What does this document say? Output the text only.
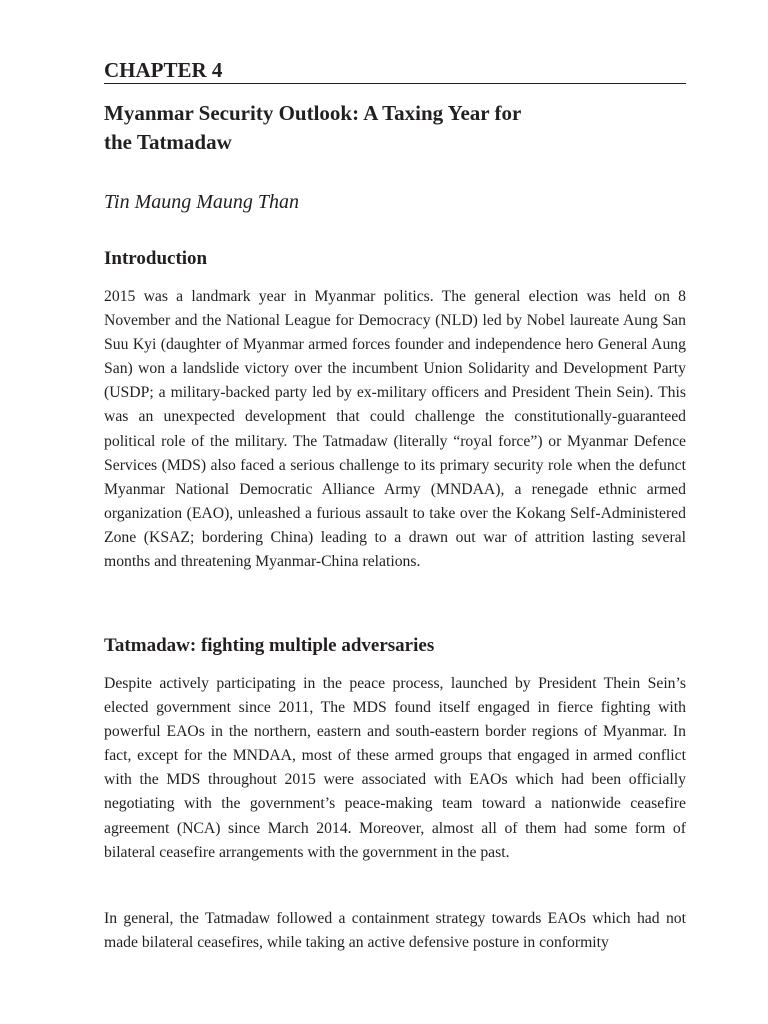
CHAPTER 4
Myanmar Security Outlook: A Taxing Year for
the Tatmadaw
Tin Maung Maung Than
Introduction
2015 was a landmark year in Myanmar politics. The general election was held on 8 November and the National League for Democracy (NLD) led by Nobel laureate Aung San Suu Kyi (daughter of Myanmar armed forces founder and independence hero General Aung San) won a landslide victory over the incumbent Union Solidarity and Development Party (USDP; a military-backed party led by ex-military officers and President Thein Sein). This was an unexpected development that could challenge the constitutionally-guaranteed political role of the military. The Tatmadaw (literally “royal force”) or Myanmar Defence Services (MDS) also faced a serious challenge to its primary security role when the defunct Myanmar National Democratic Alliance Army (MNDAA), a renegade ethnic armed organization (EAO), unleashed a furious assault to take over the Kokang Self-Administered Zone (KSAZ; bordering China) leading to a drawn out war of attrition lasting several months and threatening Myanmar-China relations.
Tatmadaw: fighting multiple adversaries
Despite actively participating in the peace process, launched by President Thein Sein’s elected government since 2011, The MDS found itself engaged in fierce fighting with powerful EAOs in the northern, eastern and south-eastern border regions of Myanmar. In fact, except for the MNDAA, most of these armed groups that engaged in armed conflict with the MDS throughout 2015 were associated with EAOs which had been officially negotiating with the government’s peace-making team toward a nationwide ceasefire agreement (NCA) since March 2014. Moreover, almost all of them had some form of bilateral ceasefire arrangements with the government in the past.
In general, the Tatmadaw followed a containment strategy towards EAOs which had not made bilateral ceasefires, while taking an active defensive posture in conformity
